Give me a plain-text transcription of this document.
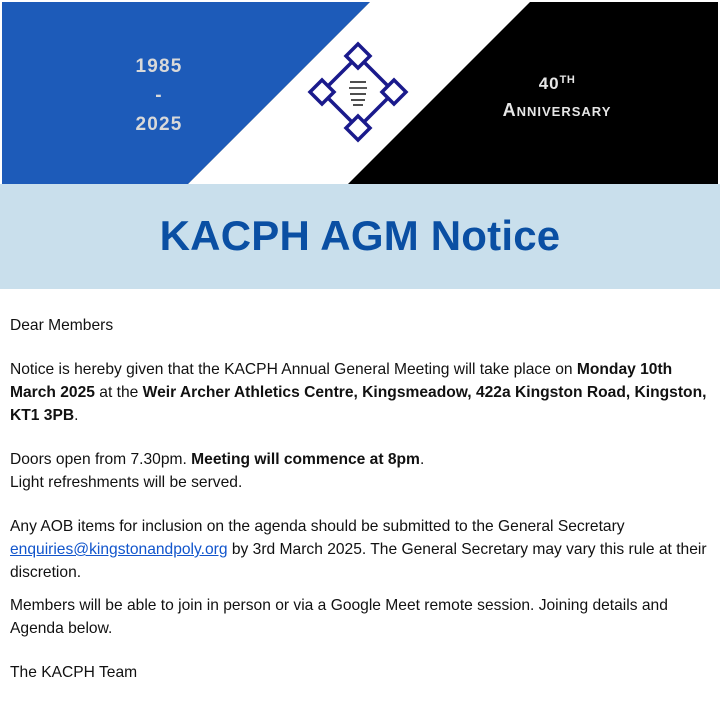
1985
-
2025
40TH
Anniversary
KACPH AGM Notice

Dear Members

Notice is hereby given that the KACPH Annual General Meeting will take place on Monday 10th March 2025 at the Weir Archer Athletics Centre, Kingsmeadow, 422a Kingston Road, Kingston, KT1 3PB.

Doors open from 7.30pm. Meeting will commence at 8pm.
Light refreshments will be served.

Any AOB items for inclusion on the agenda should be submitted to the General Secretary
enquiries@kingstonandpoly.org by 3rd March 2025. The General Secretary may vary this rule at their discretion.

Members will be able to join in person or via a Google Meet remote session. Joining details and Agenda below.

The KACPH Team
